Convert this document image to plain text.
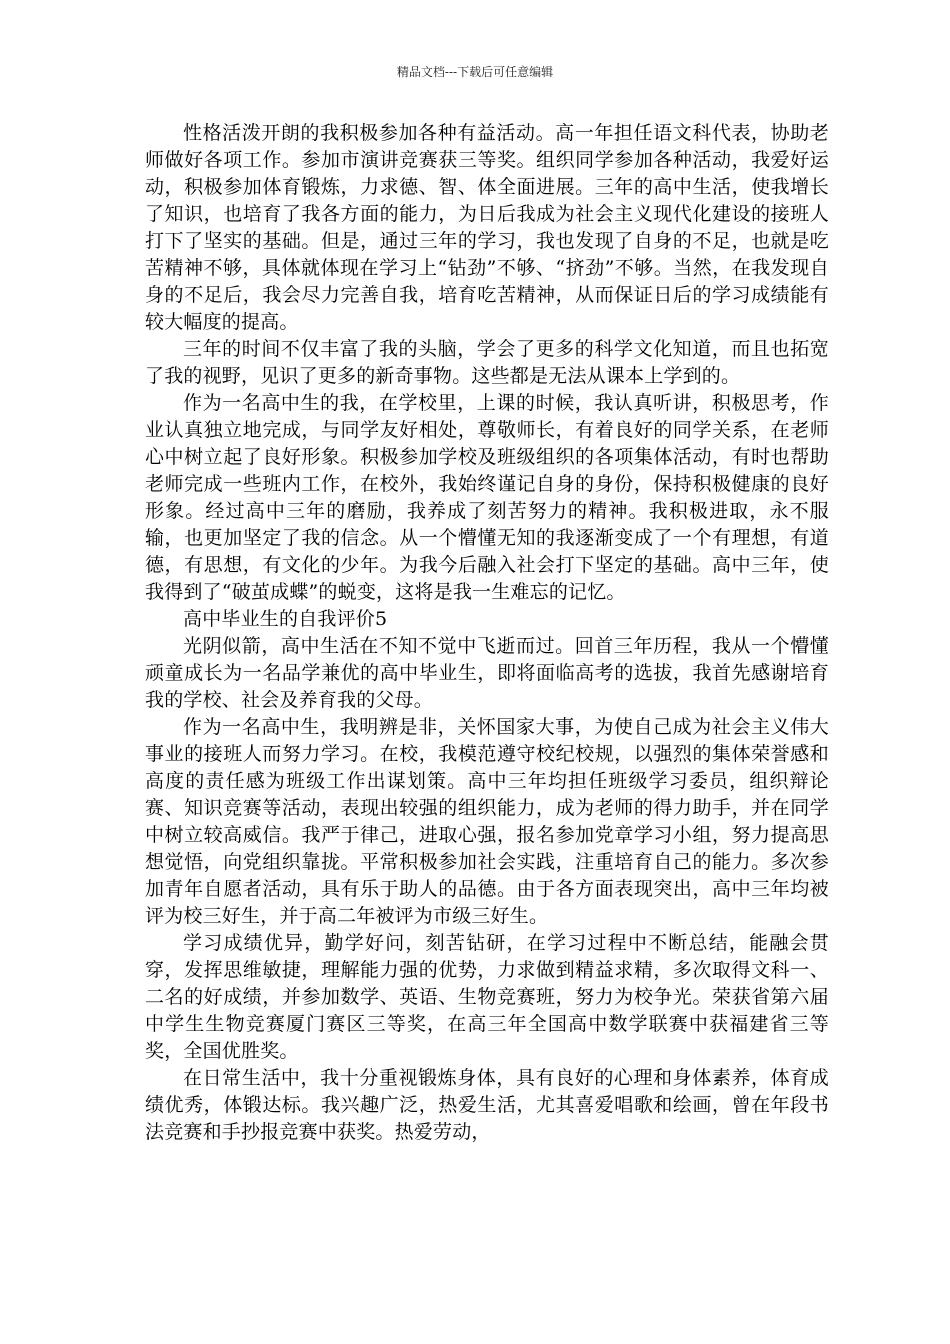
精品文档---下载后可任意编辑

性格活泼开朗的我积极参加各种有益活动。高一年担任语文科代表，协助老师做好各项工作。参加市演讲竞赛获三等奖。组织同学参加各种活动，我爱好运动，积极参加体育锻炼，力求德、智、体全面进展。三年的高中生活，使我增长了知识，也培育了我各方面的能力，为日后我成为社会主义现代化建设的接班人打下了坚实的基础。但是，通过三年的学习，我也发现了自身的不足，也就是吃苦精神不够，具体就体现在学习上“钻劲”不够、“挤劲”不够。当然，在我发现自身的不足后，我会尽力完善自我，培育吃苦精神，从而保证日后的学习成绩能有较大幅度的提高。

三年的时间不仅丰富了我的头脑，学会了更多的科学文化知道，而且也拓宽了我的视野，见识了更多的新奇事物。这些都是无法从课本上学到的。

作为一名高中生的我，在学校里，上课的时候，我认真听讲，积极思考，作业认真独立地完成，与同学友好相处，尊敬师长，有着良好的同学关系，在老师心中树立起了良好形象。积极参加学校及班级组织的各项集体活动，有时也帮助老师完成一些班内工作，在校外，我始终谨记自身的身份，保持积极健康的良好形象。经过高中三年的磨励，我养成了刻苦努力的精神。我积极进取，永不服输，也更加坚定了我的信念。从一个懵懂无知的我逐渐变成了一个有理想，有道德，有思想，有文化的少年。为我今后融入社会打下坚定的基础。高中三年，使我得到了“破茧成蝶”的蜕变，这将是我一生难忘的记忆。

高中毕业生的自我评价5

光阴似箭，高中生活在不知不觉中飞逝而过。回首三年历程，我从一个懵懂顽童成长为一名品学兼优的高中毕业生，即将面临高考的选拔，我首先感谢培育我的学校、社会及养育我的父母。

作为一名高中生，我明辨是非，关怀国家大事，为使自己成为社会主义伟大事业的接班人而努力学习。在校，我模范遵守校纪校规，以强烈的集体荣誉感和高度的责任感为班级工作出谋划策。高中三年均担任班级学习委员，组织辩论赛、知识竞赛等活动，表现出较强的组织能力，成为老师的得力助手，并在同学中树立较高威信。我严于律己，进取心强，报名参加党章学习小组，努力提高思想觉悟，向党组织靠拢。平常积极参加社会实践，注重培育自己的能力。多次参加青年自愿者活动，具有乐于助人的品德。由于各方面表现突出，高中三年均被评为校三好生，并于高二年被评为市级三好生。

学习成绩优异，勤学好问，刻苦钻研，在学习过程中不断总结，能融会贯穿，发挥思维敏捷，理解能力强的优势，力求做到精益求精，多次取得文科一、二名的好成绩，并参加数学、英语、生物竞赛班，努力为校争光。荣获省第六届中学生生物竞赛厦门赛区三等奖，在高三年全国高中数学联赛中获福建省三等奖，全国优胜奖。

在日常生活中，我十分重视锻炼身体，具有良好的心理和身体素养，体育成绩优秀，体锻达标。我兴趣广泛，热爱生活，尤其喜爱唱歌和绘画，曾在年段书法竞赛和手抄报竞赛中获奖。热爱劳动，
